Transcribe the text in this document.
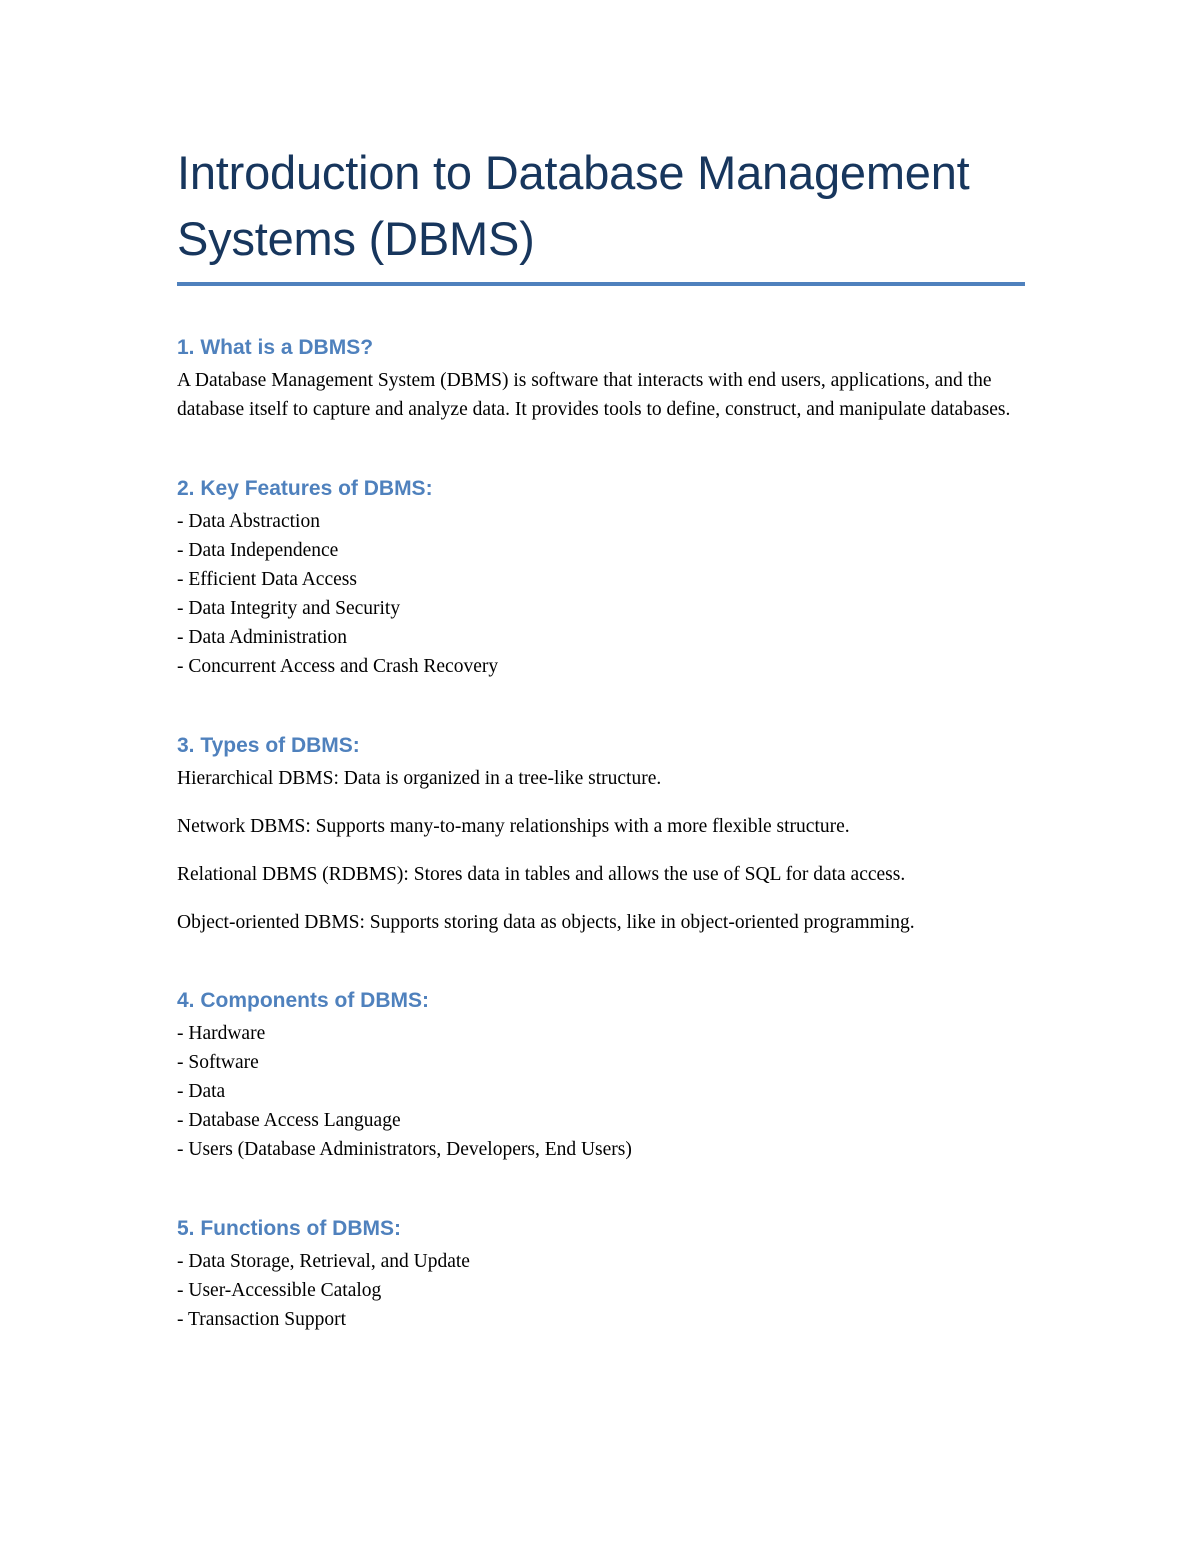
Introduction to Database Management Systems (DBMS)
1. What is a DBMS?

A Database Management System (DBMS) is software that interacts with end users, applications, and the database itself to capture and analyze data. It provides tools to define, construct, and manipulate databases.

2. Key Features of DBMS:
- Data Abstraction
- Data Independence
- Efficient Data Access
- Data Integrity and Security
- Data Administration
- Concurrent Access and Crash Recovery
3. Types of DBMS:

Hierarchical DBMS: Data is organized in a tree-like structure.

Network DBMS: Supports many-to-many relationships with a more flexible structure.

Relational DBMS (RDBMS): Stores data in tables and allows the use of SQL for data access.

Object-oriented DBMS: Supports storing data as objects, like in object-oriented programming.

4. Components of DBMS:
- Hardware
- Software
- Data
- Database Access Language
- Users (Database Administrators, Developers, End Users)
5. Functions of DBMS:
- Data Storage, Retrieval, and Update
- User-Accessible Catalog
- Transaction Support
